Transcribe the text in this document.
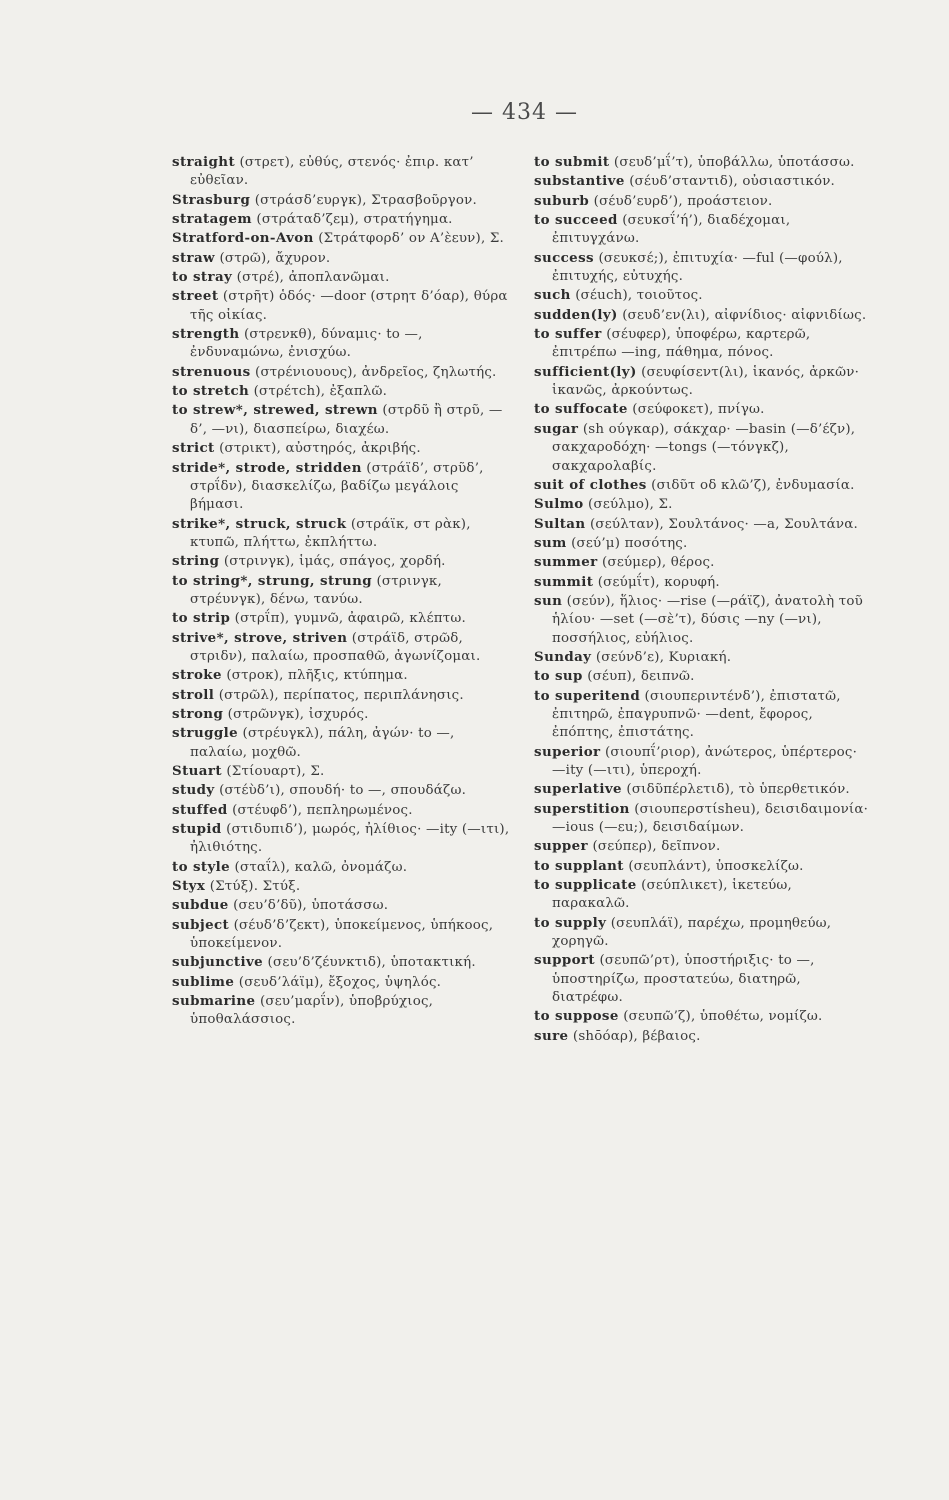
— 434 —

straight (στρετ), εὐθύς, στενός· ἐπιρ. κατ’ εὐθεῖαν.

Strasburg (στράσδ’ευργκ), Στρασβοῦργον.

stratagem (στράταδ’ζεμ), στρατήγημα.

Stratford-on-Avon (Στράτφορδ’ ον Α’ὲευν), Σ.

straw (στρῶ), ἄχυρον.

to stray (στρέ), ἀποπλανῶμαι.

street (στρῆτ) ὁδός· —door (στρητ δ’όαρ), θύρα τῆς οἰκίας.

strength (στρενκθ), δύναμις· to —, ἐνδυναμώνω, ἐνισχύω.

strenuous (στρένιουους), ἀνδρεῖος, ζηλωτής.

to stretch (στρέτch), ἐξαπλῶ.

to strew*, strewed, strewn (στρδῦ ἢ στρῦ, —δ’, —νι), διασπείρω, διαχέω.

strict (στρικτ), αὐστηρός, ἀκριβής.

stride*, strode, stridden (στράϊδ’, στρῦδ’, στρΐδν), διασκελίζω, βαδίζω μεγάλοις βήμασι.

strike*, struck, struck (στράϊκ, στ ρὰκ), κτυπῶ, πλήττω, ἐκπλήττω.

string (στρινγκ), ἱμάς, σπάγος, χορδή.

to string*, strung, strung (στρινγκ, στρέυνγκ), δένω, τανύω.

to strip (στρΐπ), γυμνῶ, ἀφαιρῶ, κλέπτω.

strive*, strove, striven (στράϊδ, στρῶδ, στριδν), παλαίω, προσπαθῶ, ἀγωνίζομαι.

stroke (στροκ), πλῆξις, κτύπημα.

stroll (στρῶλ), περίπατος, περιπλάνησις.

strong (στρῶνγκ), ἰσχυρός.

struggle (στρέυγκλ), πάλη, ἀγών· to —, παλαίω, μοχθῶ.

Stuart (Στίουαρτ), Σ.

study (στέὺδ’ι), σπουδή· to —, σπουδάζω.

stuffed (στέυφδ’), πεπληρωμένος.

stupid (στιδυπιδ’), μωρός, ἠλίθιος· —ity (—ιτι), ἠλιθιότης.

to style (σταΐλ), καλῶ, ὀνομάζω.

Styx (Στύξ). Στύξ.

subdue (σευ’δ’δῦ), ὑποτάσσω.

subject (σέυδ’δ’ζεκτ), ὑποκείμενος, ὑπήκοος, ὑποκείμενον.

subjunctive (σευ’δ’ζέυνκτιδ), ὑποτακτική.

sublime (σευδ’λάϊμ), ἔξοχος, ὑψηλός.

submarine (σευ’μαρΐν), ὑποβρύχιος, ὑποθαλάσσιος.

to submit (σευδ’μΐ’τ), ὑποβάλλω, ὑποτάσσω.

substantive (σέυδ’σταντιδ), οὐσιαστικόν.

suburb (σέυδ’ευρδ’), προάστειον.

to succeed (σευκσΐ’ή’), διαδέχομαι, ἐπιτυγχάνω.

success (σευκσέ;), ἐπιτυχία· —ful (—φούλ), ἐπιτυχής, εὐτυχής.

such (σέuch), τοιοῦτος.

sudden(ly) (σευδ’εν(λι), αἰφνίδιος· αἰφνιδίως.

to suffer (σέυφερ), ὑποφέρω, καρτερῶ, ἐπιτρέπω —ing, πάθημα, πόνος.

sufficient(ly) (σευφίσεντ(λι), ἱκανός, ἀρκῶν· ἱκανῶς, ἀρκούντως.

to suffocate (σεύφοκετ), πνίγω.

sugar (sh ούγκαρ), σάκχαρ· —basin (—δ’έζν), σακχαροδόχη· —tongs (—τόνγκζ), σακχαρολαβίς.

suit of clothes (σιδῦτ οδ κλῶ’ζ), ἐνδυμασία.

Sulmo (σεύλμο), Σ.

Sultan (σεύλταν), Σουλτάνος· —a, Σουλτάνα.

sum (σεύ’μ) ποσότης.

summer (σεύμερ), θέρος.

summit (σεύμΐτ), κορυφή.

sun (σεύν), ἥλιος· —rise (—ράϊζ), ἀνατολὴ τοῦ ἡλίου· —set (—σὲ’τ), δύσις —ny (—νι), ποσσήλιος, εὐήλιος.

Sunday (σεύνδ’ε), Κυριακή.

to sup (σέυπ), δειπνῶ.

to superitend (σιουπεριντένδ’), ἐπιστατῶ, ἐπιτηρῶ, ἐπαγρυπνῶ· —dent, ἔφορος, ἐπόπτης, ἐπιστάτης.

superior (σιουπΐ’ριορ), ἀνώτερος, ὑπέρτερος· —ity (—ιτι), ὑπεροχή.

superlative (σιδῦπέρλετιδ), τὸ ὑπερθετικόν.

superstition (σιουπερστίsheu), δεισιδαιμονία· —ious (—εu;), δεισιδαίμων.

supper (σεύπερ), δεῖπνον.

to supplant (σευπλάντ), ὑποσκελίζω.

to supplicate (σεύπλικετ), ἱκετεύω, παρακαλῶ.

to supply (σευπλάϊ), παρέχω, προμηθεύω, χορηγῶ.

support (σευπῶ’ρτ), ὑποστήριξις· to —, ὑποστηρίζω, προστατεύω, διατηρῶ, διατρέφω.

to suppose (σευπῶ’ζ), ὑποθέτω, νομίζω.

sure (shōόαρ), βέβαιος.
